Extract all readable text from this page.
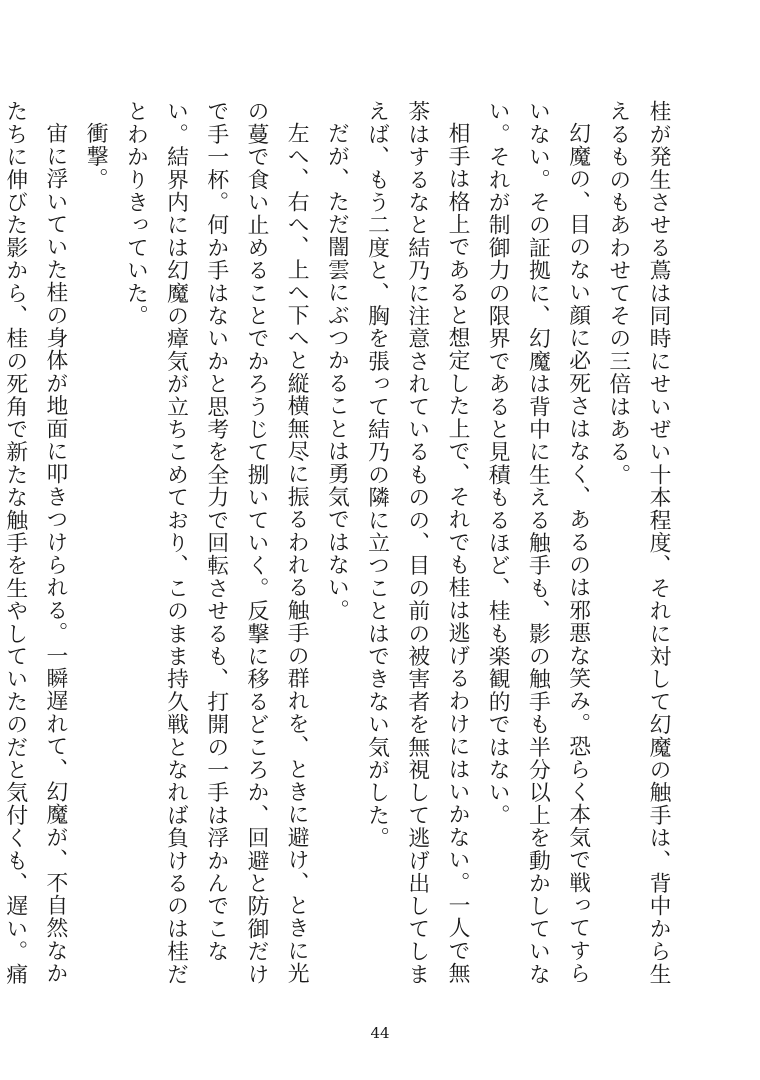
桂が発生させる蔦は同時にせいぜい十本程度、それに対して幻魔の触手は、背中から生えるものもあわせてその三倍はある。

幻魔の、目のない顔に必死さはなく、あるのは邪悪な笑み。恐らく本気で戦ってすらいない。その証拠に、幻魔は背中に生える触手も、影の触手も半分以上を動かしていない。それが制御力の限界であると見積もるほど、桂も楽観的ではない。

相手は格上であると想定した上で、それでも桂は逃げるわけにはいかない。一人で無茶はするなと結乃に注意されているものの、目の前の被害者を無視して逃げ出してしまえば、もう二度と、胸を張って結乃の隣に立つことはできない気がした。

だが、ただ闇雲にぶつかることは勇気ではない。

左へ、右へ、上へ下へと縦横無尽に振るわれる触手の群れを、ときに避け、ときに光の蔓で食い止めることでかろうじて捌いていく。反撃に移るどころか、回避と防御だけで手一杯。何か手はないかと思考を全力で回転させるも、打開の一手は浮かんでこない。結界内には幻魔の瘴気が立ちこめており、このまま持久戦となれば負けるのは桂だとわかりきっていた。

衝撃。

宙に浮いていた桂の身体が地面に叩きつけられる。一瞬遅れて、幻魔が、不自然なかたちに伸びた影から、桂の死角で新たな触手を生やしていたのだと気付くも、遅い。痛

44
